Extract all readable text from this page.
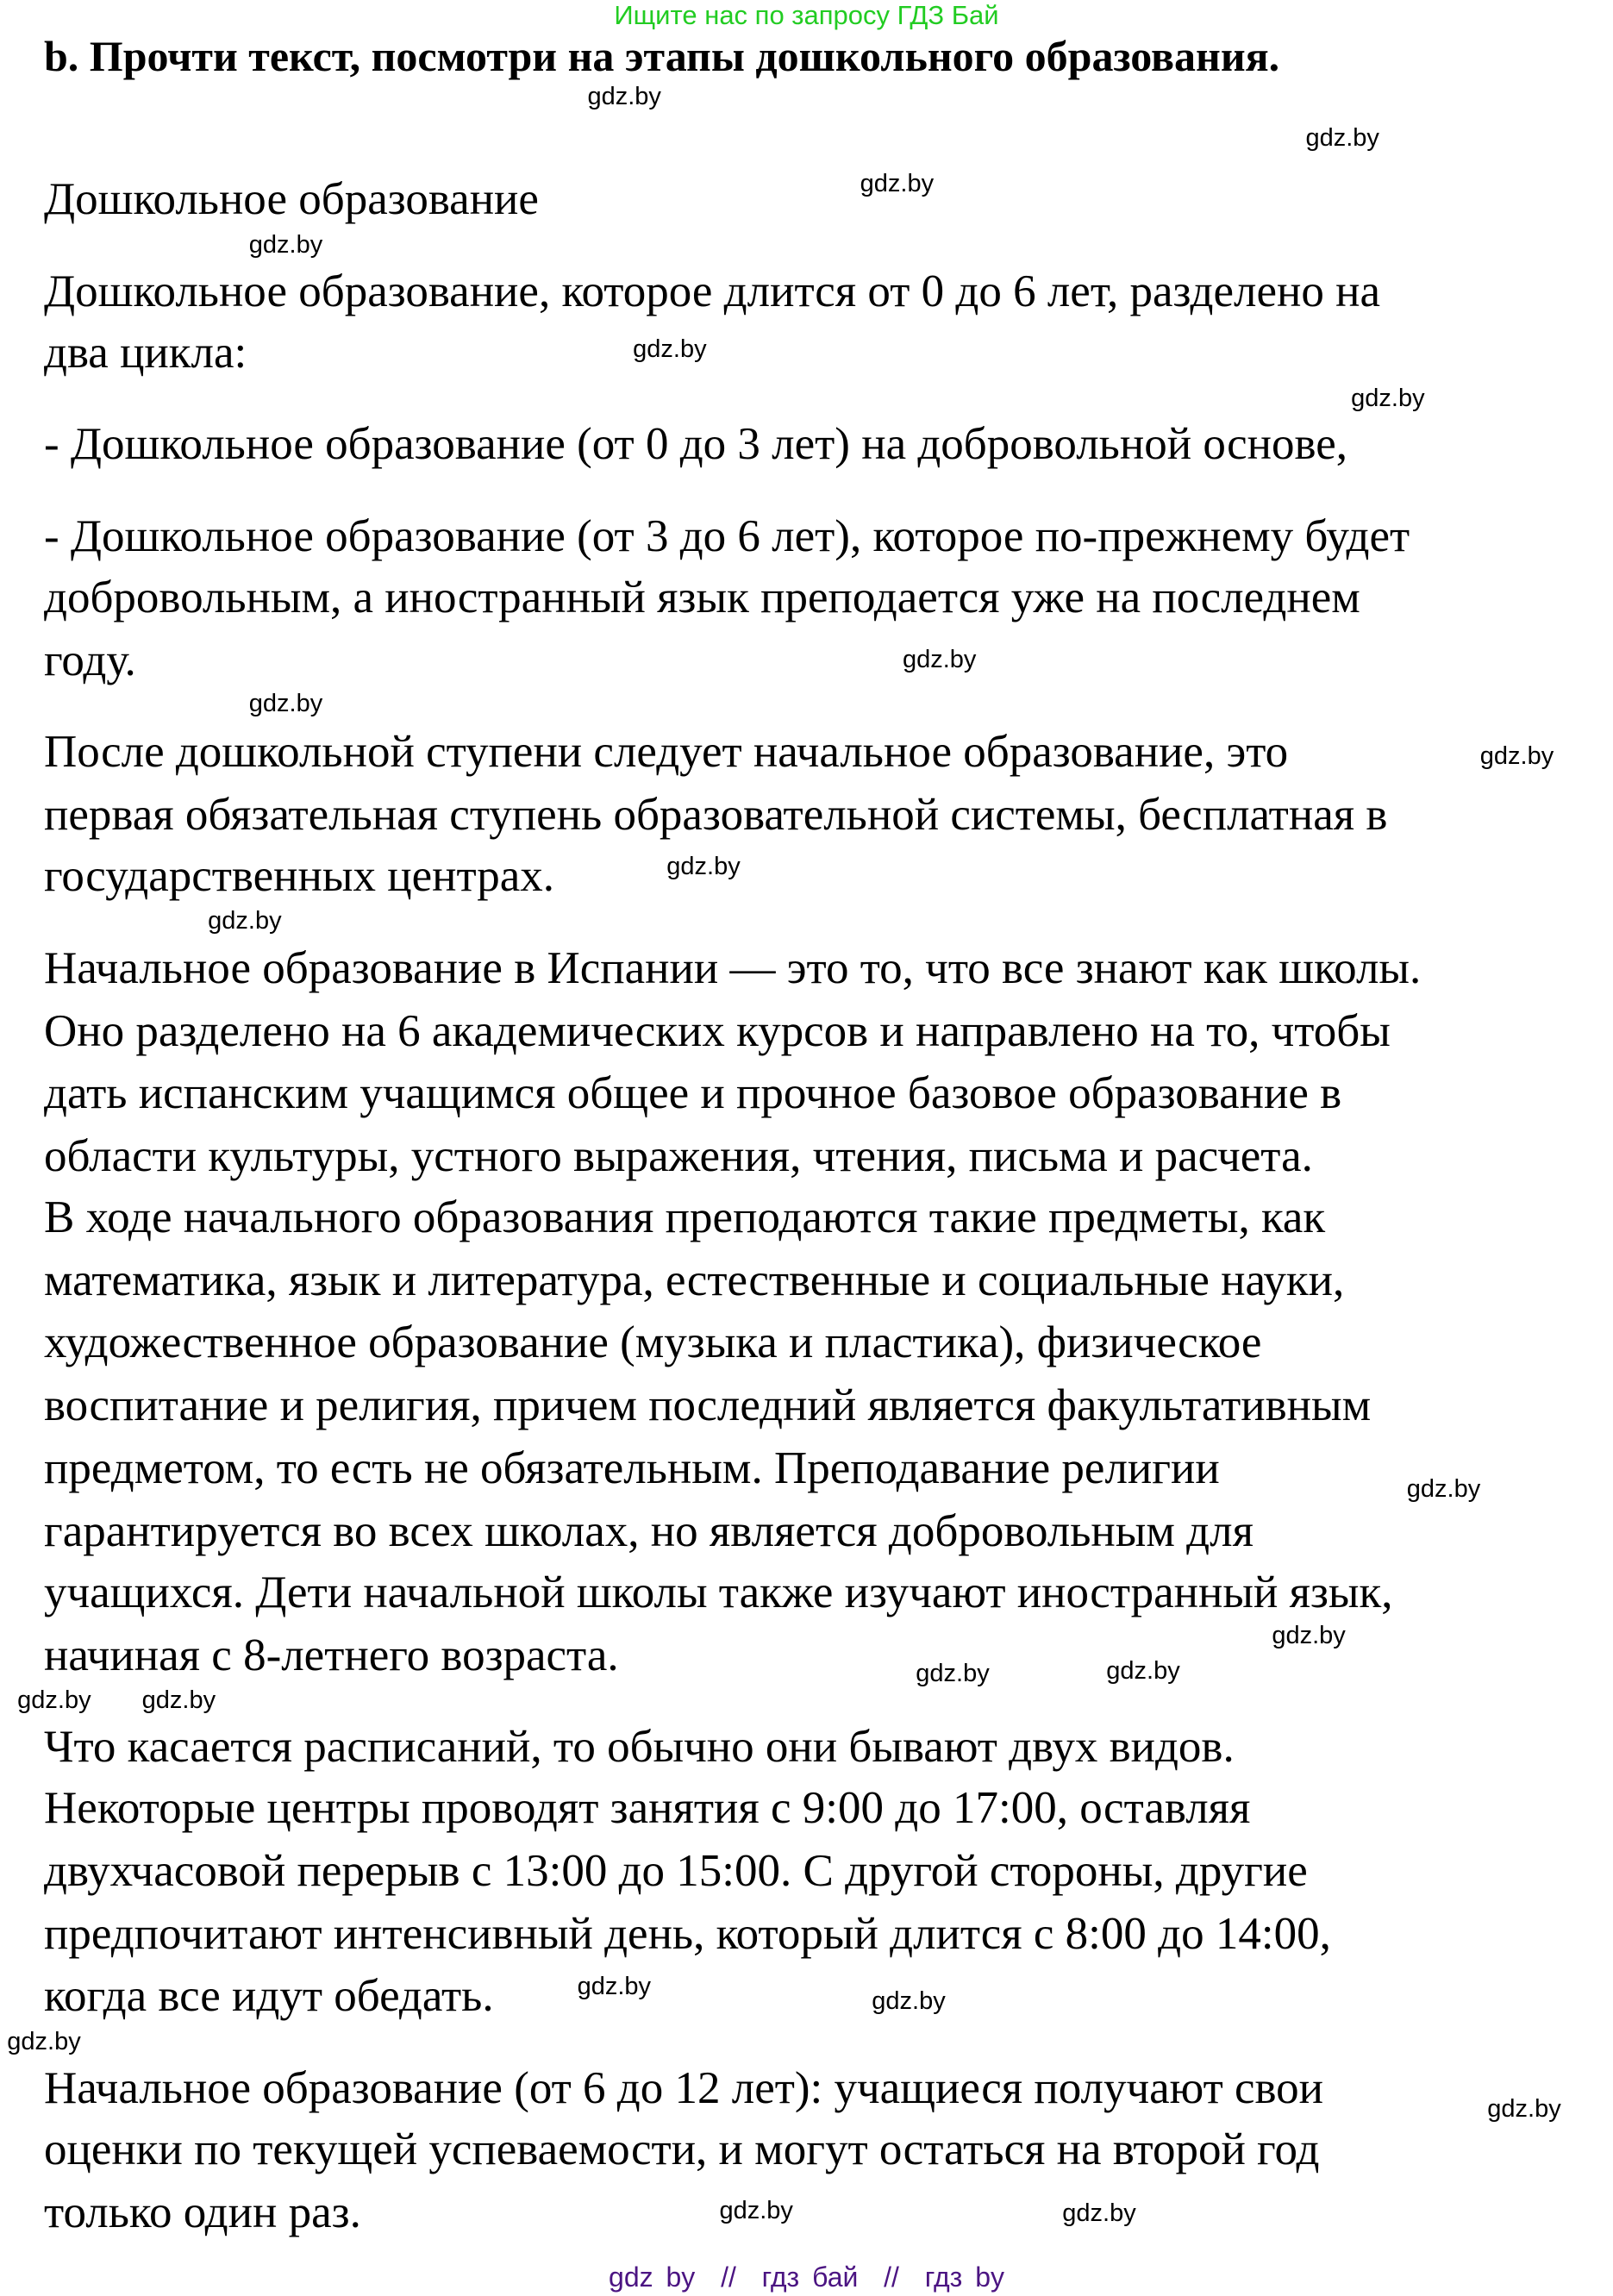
Ищите нас по запросу ГДЗ Бай
b. Прочти текст, посмотри на этапы дошкольного образования.
Дошкольное образование
Дошкольное образование, которое длится от 0 до 6 лет, разделено на
два цикла:
- Дошкольное образование (от 0 до 3 лет) на добровольной основе,
- Дошкольное образование (от 3 до 6 лет), которое по-прежнему будет
добровольным, а иностранный язык преподается уже на последнем
году.
После дошкольной ступени следует начальное образование, это
первая обязательная ступень образовательной системы, бесплатная в
государственных центрах.
Начальное образование в Испании — это то, что все знают как школы.
Оно разделено на 6 академических курсов и направлено на то, чтобы
дать испанским учащимся общее и прочное базовое образование в
области культуры, устного выражения, чтения, письма и расчета.
В ходе начального образования преподаются такие предметы, как
математика, язык и литература, естественные и социальные науки,
художественное образование (музыка и пластика), физическое
воспитание и религия, причем последний является факультативным
предметом, то есть не обязательным. Преподавание религии
гарантируется во всех школах, но является добровольным для
учащихся. Дети начальной школы также изучают иностранный язык,
начиная с 8-летнего возраста.
Что касается расписаний, то обычно они бывают двух видов.
Некоторые центры проводят занятия с 9:00 до 17:00, оставляя
двухчасовой перерыв с 13:00 до 15:00. С другой стороны, другие
предпочитают интенсивный день, который длится с 8:00 до 14:00,
когда все идут обедать.
Начальное образование (от 6 до 12 лет): учащиеся получают свои
оценки по текущей успеваемости, и могут остаться на второй год
только один раз.
gdz.by
gdz.by
gdz.by
gdz.by
gdz.by
gdz.by
gdz.by
gdz.by
gdz.by
gdz.by
gdz.by
gdz.by
gdz.by
gdz.by
gdz.by
gdz.by
gdz.by
gdz.by
gdz.by
gdz.by
gdz.by
gdz.by
gdz.by
gdz by  //  гдз бай  //  гдз by
